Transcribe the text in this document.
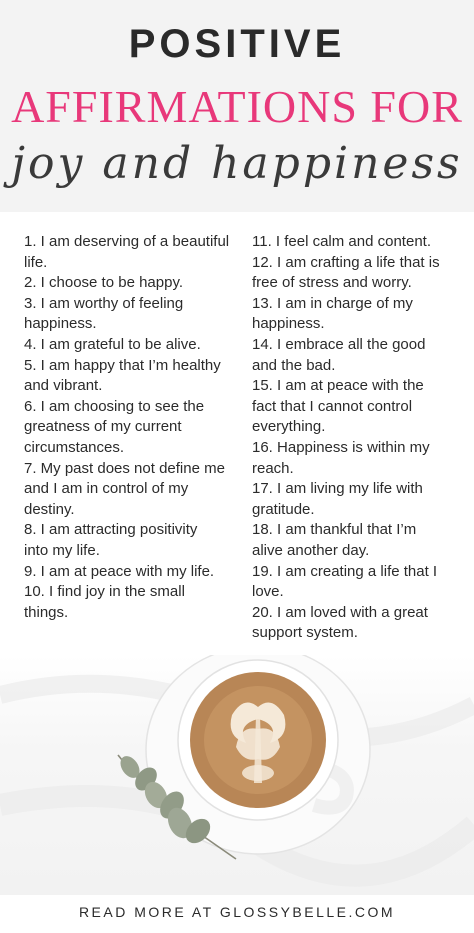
POSITIVE
AFFIRMATIONS FOR
joy and happiness
1. I am deserving of a beautiful
life.
2. I choose to be happy.
3. I am worthy of feeling
happiness.
4. I am grateful to be alive.
5. I am happy that I’m healthy
and vibrant.
6. I am choosing to see the
greatness of my current
circumstances.
7. My past does not define me
and I am in control of my
destiny.
8. I am attracting positivity
into my life.
9. I am at peace with my life.
10. I find joy in the small
things.
11. I feel calm and content.
12. I am crafting a life that is
free of stress and worry.
13. I am in charge of my
happiness.
14. I embrace all the good
and the bad.
15. I am at peace with the
fact that I cannot control
everything.
16. Happiness is within my
reach.
17. I am living my life with
gratitude.
18. I am thankful that I’m
alive another day.
19. I am creating a life that I
love.
20. I am loved with a great
support system.
READ MORE AT GLOSSYBELLE.COM
